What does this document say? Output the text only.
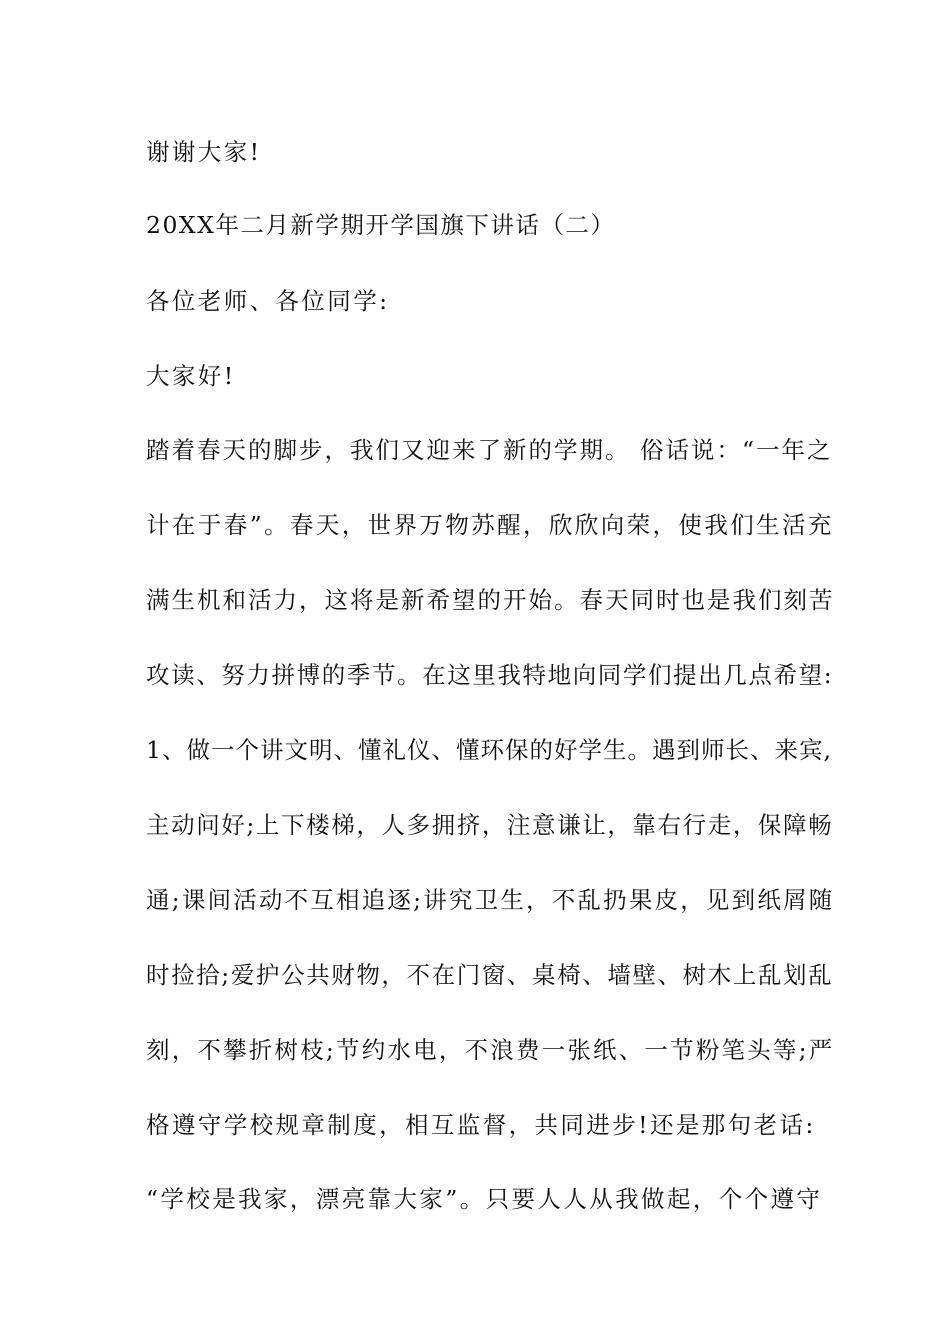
谢谢大家!
20XX年二月新学期开学国旗下讲话（二）
各位老师、各位同学:
大家好!
踏着春天的脚步，我们又迎来了新的学期。 俗话说：“一年之
计在于春”。春天，世界万物苏醒，欣欣向荣，使我们生活充
满生机和活力，这将是新希望的开始。春天同时也是我们刻苦
攻读、努力拼博的季节。在这里我特地向同学们提出几点希望:
1、做一个讲文明、懂礼仪、懂环保的好学生。遇到师长、来宾,
主动问好;上下楼梯，人多拥挤，注意谦让，靠右行走，保障畅
通;课间活动不互相追逐;讲究卫生，不乱扔果皮，见到纸屑随
时捡拾;爱护公共财物，不在门窗、桌椅、墙壁、树木上乱划乱
刻，不攀折树枝;节约水电，不浪费一张纸、一节粉笔头等;严
格遵守学校规章制度，相互监督，共同进步!还是那句老话:
“学校是我家，漂亮靠大家”。只要人人从我做起，个个遵守
